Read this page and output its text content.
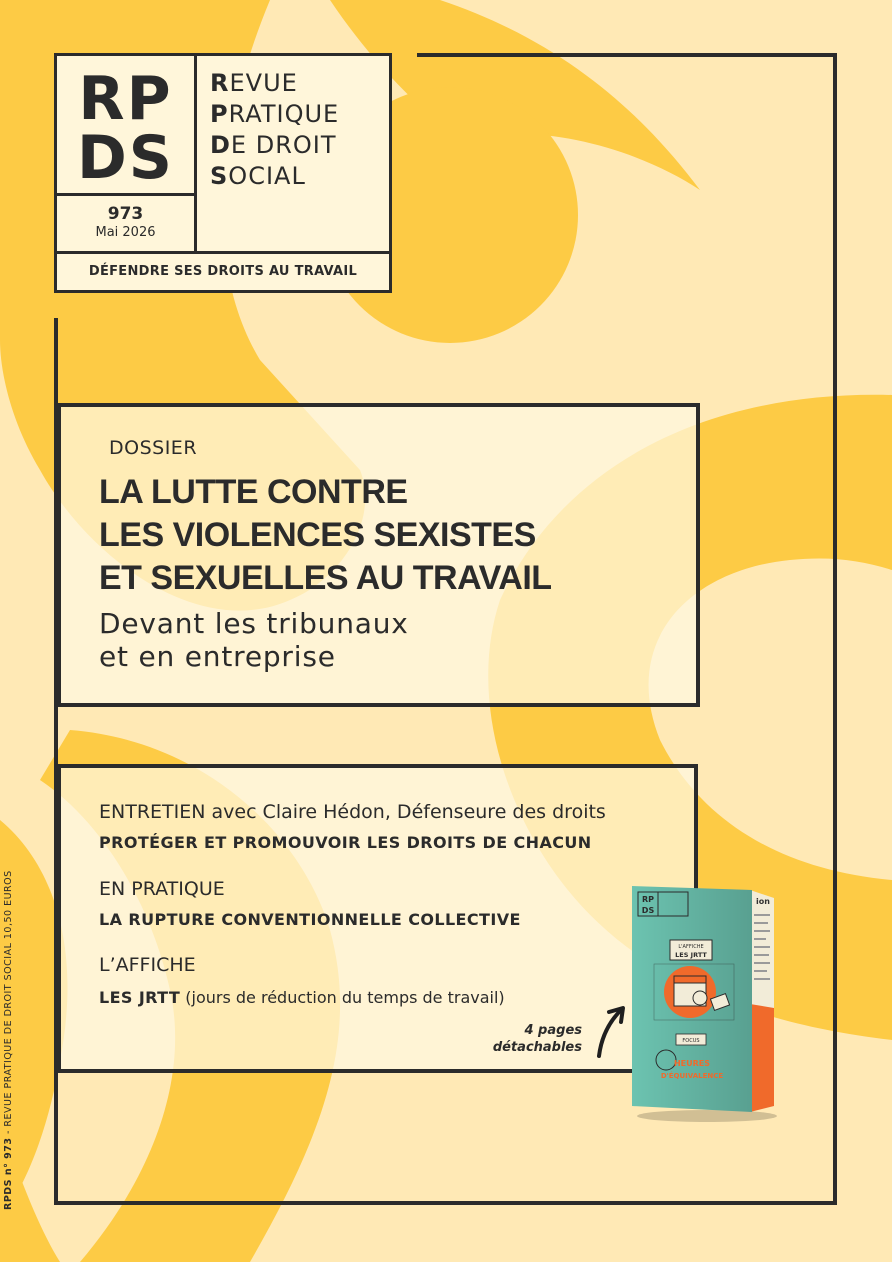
RP
DS
973
Mai 2026
REVUE
PRATIQUE
DE DROIT
SOCIAL
DÉFENDRE SES DROITS AU TRAVAIL
DOSSIER
LA LUTTE CONTRE
LES VIOLENCES SEXISTES
ET SEXUELLES AU TRAVAIL
Devant les tribunaux
et en entreprise
ENTRETIEN avec Claire Hédon, Défenseure des droits
PROTÉGER ET PROMOUVOIR LES DROITS DE CHACUN
EN PRATIQUE
LA RUPTURE CONVENTIONNELLE COLLECTIVE
L’AFFICHE
LES JRTT (jours de réduction du temps de travail)
4 pages
détachables
ion
RP
DS
L'AFFICHE
LES JRTT
FOCUS
HEURES
D'ÉQUIVALENCE
RPDS n° 973 - REVUE PRATIQUE DE DROIT SOCIAL 10,50 EUROS
